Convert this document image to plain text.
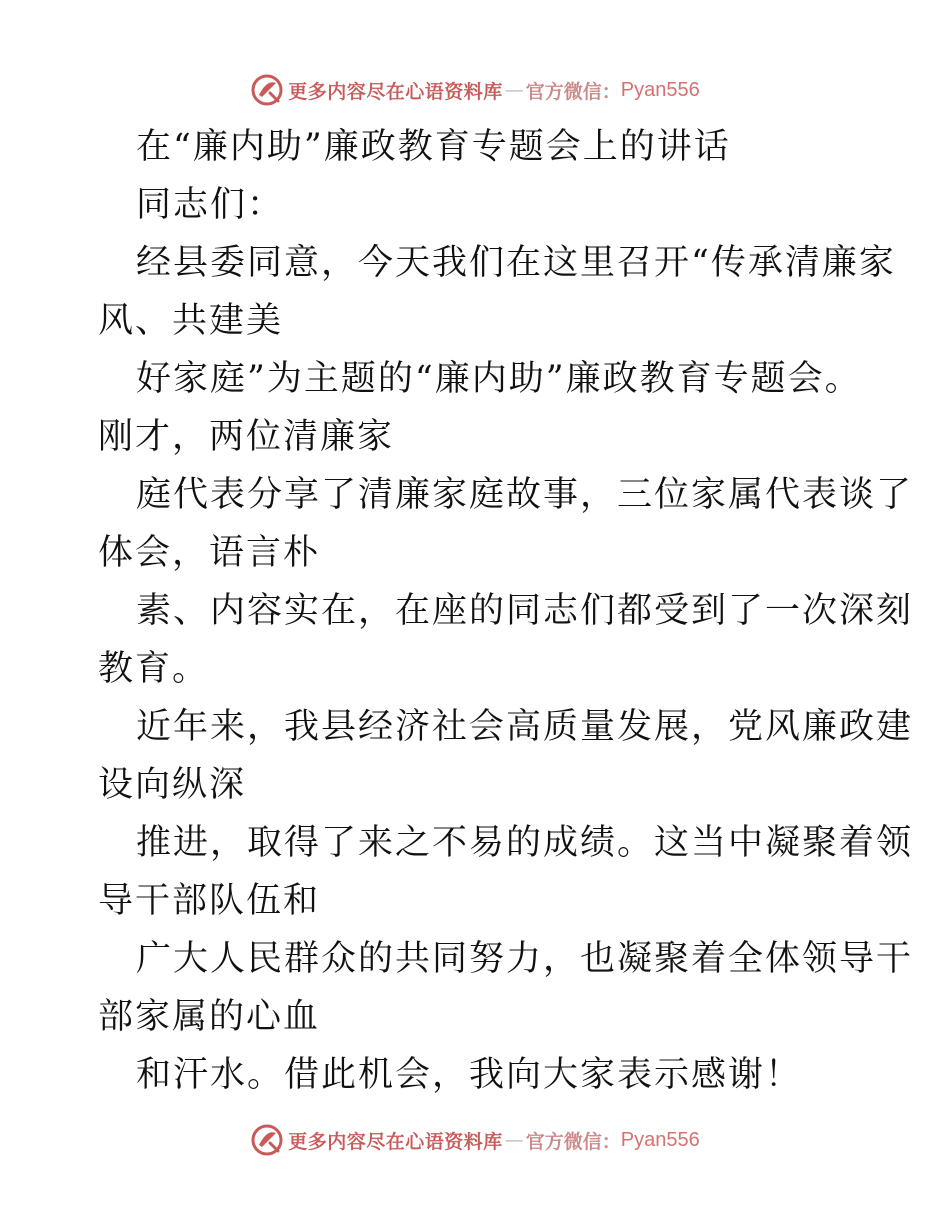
更多内容尽在心语资料库 — 官方微信： Pyan556
在“廉内助”廉政教育专题会上的讲话
同志们：
经县委同意，今天我们在这里召开“传承清廉家
风、共建美
好家庭”为主题的“廉内助”廉政教育专题会。
刚才，两位清廉家
庭代表分享了清廉家庭故事，三位家属代表谈了
体会，语言朴
素、内容实在，在座的同志们都受到了一次深刻
教育。
近年来，我县经济社会高质量发展，党风廉政建
设向纵深
推进，取得了来之不易的成绩。这当中凝聚着领
导干部队伍和
广大人民群众的共同努力，也凝聚着全体领导干
部家属的心血
和汗水。借此机会，我向大家表示感谢！
更多内容尽在心语资料库 — 官方微信： Pyan556
